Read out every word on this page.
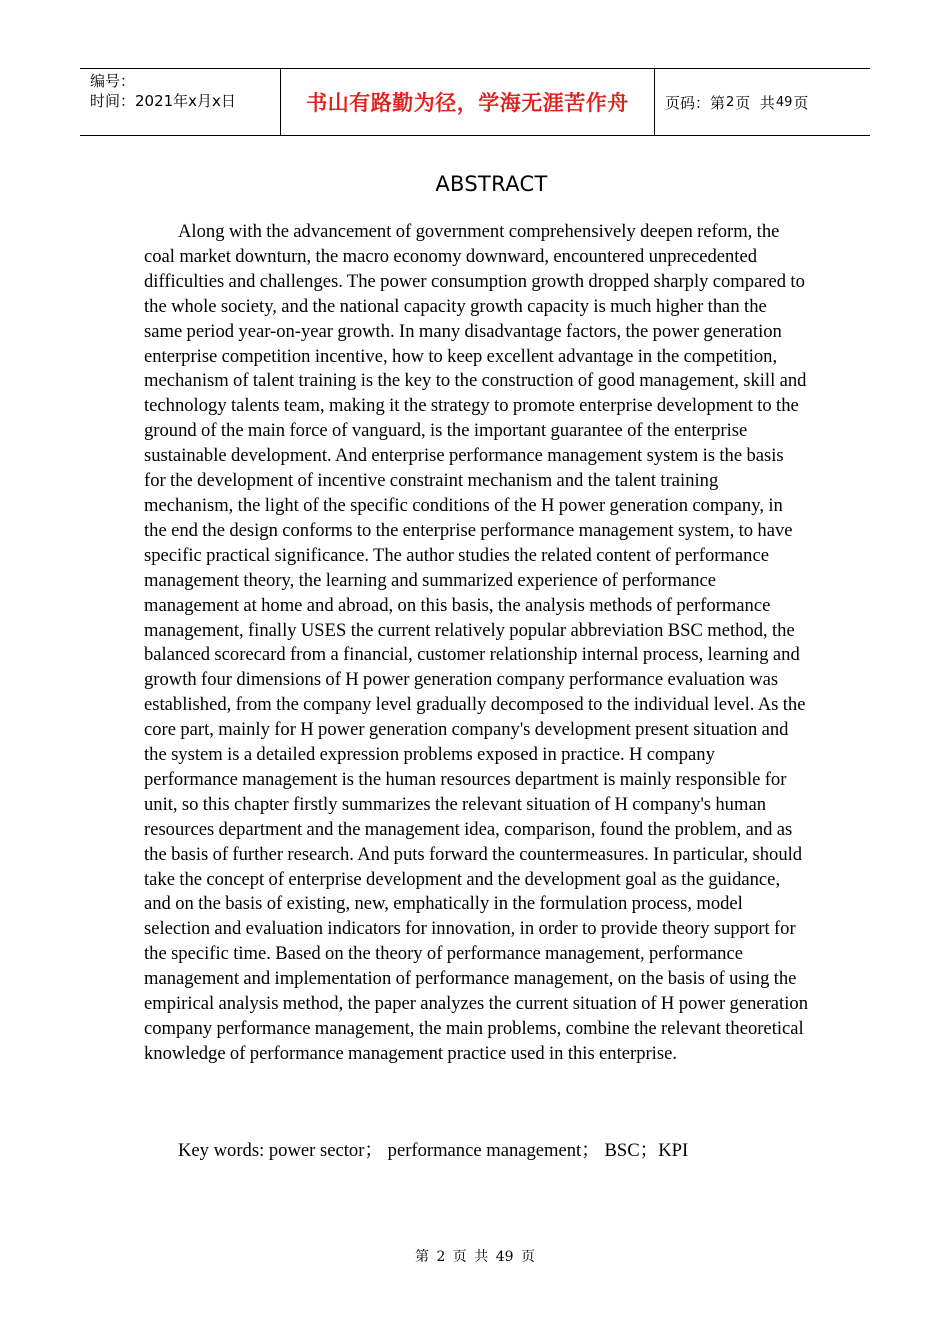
编号：
时间：2021年x月x日	书山有路勤为径，学海无涯苦作舟 页码：第 2 页  共 49 页
ABSTRACT

Along with the advancement of government comprehensively deepen reform, the coal market downturn, the macro economy downward, encountered unprecedented difficulties and challenges. The power consumption growth dropped sharply compared to the whole society, and the national capacity growth capacity is much higher than the same period year-on-year growth. In many disadvantage factors, the power generation enterprise competition incentive, how to keep excellent advantage in the competition, mechanism of talent training is the key to the construction of good management, skill and technology talents team, making it the strategy to promote enterprise development to the ground of the main force of vanguard, is the important guarantee of the enterprise sustainable development. And enterprise performance management system is the basis for the development of incentive constraint mechanism and the talent training mechanism, the light of the specific conditions of the H power generation company, in the end the design conforms to the enterprise performance management system, to have specific practical significance. The author studies the related content of performance management theory, the learning and summarized experience of performance management at home and abroad, on this basis, the analysis methods of performance management, finally USES the current relatively popular abbreviation BSC method, the balanced scorecard from a financial, customer relationship internal process, learning and growth four dimensions of H power generation company performance evaluation was established, from the company level gradually decomposed to the individual level. As the core part, mainly for H power generation company's development present situation and the system is a detailed expression problems exposed in practice. H company performance management is the human resources department is mainly responsible for unit, so this chapter firstly summarizes the relevant situation of H company's human resources department and the management idea, comparison, found the problem, and as the basis of further research. And puts forward the countermeasures. In particular, should take the concept of enterprise development and the development goal as the guidance, and on the basis of existing, new, emphatically in the formulation process, model selection and evaluation indicators for innovation, in order to provide theory support for the specific time. Based on the theory of performance management, performance management and implementation of performance management, on the basis of using the empirical analysis method, the paper analyzes the current situation of H power generation company performance management, the main problems, combine the relevant theoretical knowledge of performance management practice used in this enterprise.

Key words: power sector； performance management； BSC；KPI
第 2 页 共 49 页
